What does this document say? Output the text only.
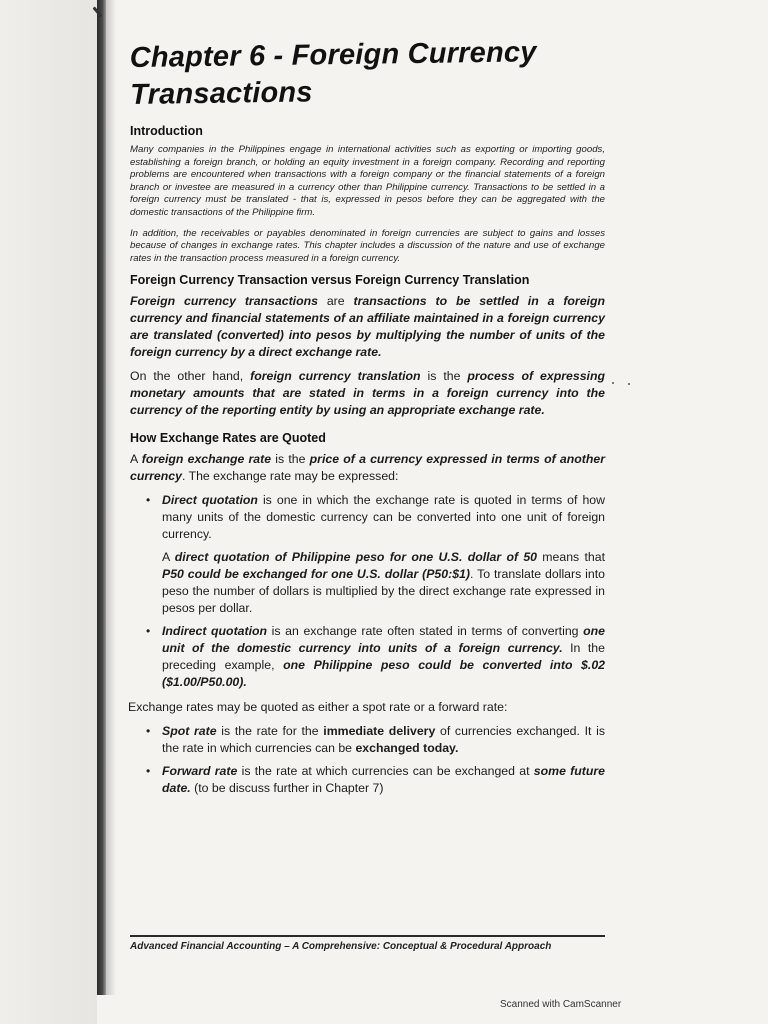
Chapter 6 - Foreign Currency Transactions
Introduction

Many companies in the Philippines engage in international activities such as exporting or importing goods, establishing a foreign branch, or holding an equity investment in a foreign company. Recording and reporting problems are encountered when transactions with a foreign company or the financial statements of a foreign branch or investee are measured in a currency other than Philippine currency. Transactions to be settled in a foreign currency must be translated - that is, expressed in pesos before they can be aggregated with the domestic transactions of the Philippine firm.

In addition, the receivables or payables denominated in foreign currencies are subject to gains and losses because of changes in exchange rates. This chapter includes a discussion of the nature and use of exchange rates in the transaction process measured in a foreign currency.

Foreign Currency Transaction versus Foreign Currency Translation

Foreign currency transactions are transactions to be settled in a foreign currency and financial statements of an affiliate maintained in a foreign currency are translated (converted) into pesos by multiplying the number of units of the foreign currency by a direct exchange rate.

On the other hand, foreign currency translation is the process of expressing monetary amounts that are stated in terms in a foreign currency into the currency of the reporting entity by using an appropriate exchange rate.

How Exchange Rates are Quoted

A foreign exchange rate is the price of a currency expressed in terms of another currency. The exchange rate may be expressed:

• Direct quotation is one in which the exchange rate is quoted in terms of how many units of the domestic currency can be converted into one unit of foreign currency.

A direct quotation of Philippine peso for one U.S. dollar of 50 means that P50 could be exchanged for one U.S. dollar (P50:$1). To translate dollars into peso the number of dollars is multiplied by the direct exchange rate expressed in pesos per dollar.

• Indirect quotation is an exchange rate often stated in terms of converting one unit of the domestic currency into units of a foreign currency. In the preceding example, one Philippine peso could be converted into $.02 ($1.00/P50.00).

Exchange rates may be quoted as either a spot rate or a forward rate:

• Spot rate is the rate for the immediate delivery of currencies exchanged. It is the rate in which currencies can be exchanged today.
• Forward rate is the rate at which currencies can be exchanged at some future date. (to be discuss further in Chapter 7)
Advanced Financial Accounting – A Comprehensive: Conceptual & Procedural Approach
Scanned with CamScanner
